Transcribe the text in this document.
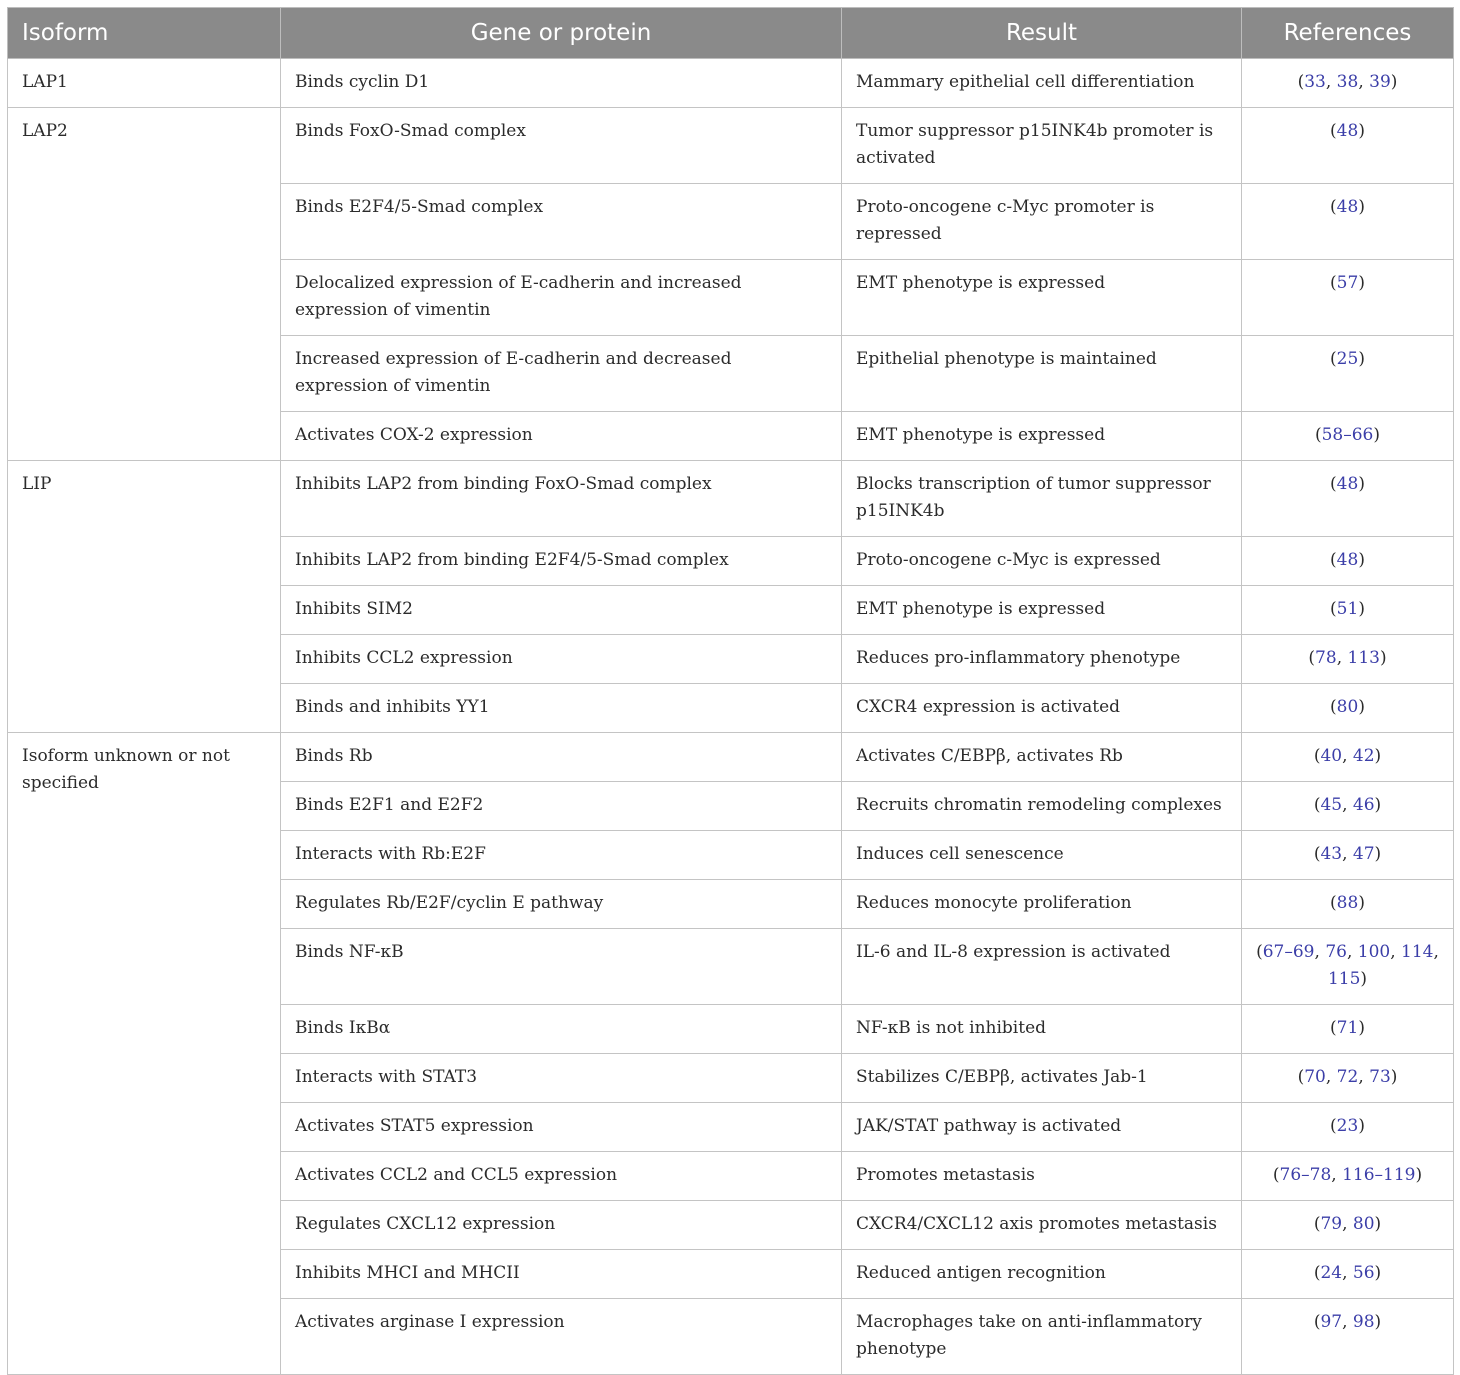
Isoform	Gene or protein	Result	References
LAP1	Binds cyclin D1	Mammary epithelial cell differentiation	(33, 38, 39)
LAP2	Binds FoxO-Smad complex	Tumor suppressor p15INK4b promoter is activated	(48)
	Binds E2F4/5-Smad complex	Proto-oncogene c-Myc promoter is repressed	(48)
	Delocalized expression of E-cadherin and increased expression of vimentin	EMT phenotype is expressed	(57)
	Increased expression of E-cadherin and decreased expression of vimentin	Epithelial phenotype is maintained	(25)
	Activates COX-2 expression	EMT phenotype is expressed	(58–66)
LIP	Inhibits LAP2 from binding FoxO-Smad complex	Blocks transcription of tumor suppressor p15INK4b	(48)
	Inhibits LAP2 from binding E2F4/5-Smad complex	Proto-oncogene c-Myc is expressed	(48)
	Inhibits SIM2	EMT phenotype is expressed	(51)
	Inhibits CCL2 expression	Reduces pro-inflammatory phenotype	(78, 113)
	Binds and inhibits YY1	CXCR4 expression is activated	(80)
Isoform unknown or not specified	Binds Rb	Activates C/EBPβ, activates Rb	(40, 42)
	Binds E2F1 and E2F2	Recruits chromatin remodeling complexes	(45, 46)
	Interacts with Rb:E2F	Induces cell senescence	(43, 47)
	Regulates Rb/E2F/cyclin E pathway	Reduces monocyte proliferation	(88)
	Binds NF-κB	IL-6 and IL-8 expression is activated	(67–69, 76, 100, 114, 115)
	Binds IκBα	NF-κB is not inhibited	(71)
	Interacts with STAT3	Stabilizes C/EBPβ, activates Jab-1	(70, 72, 73)
	Activates STAT5 expression	JAK/STAT pathway is activated	(23)
	Activates CCL2 and CCL5 expression	Promotes metastasis	(76–78, 116–119)
	Regulates CXCL12 expression	CXCR4/CXCL12 axis promotes metastasis	(79, 80)
	Inhibits MHCI and MHCII	Reduced antigen recognition	(24, 56)
	Activates arginase I expression	Macrophages take on anti-inflammatory phenotype	(97, 98)
